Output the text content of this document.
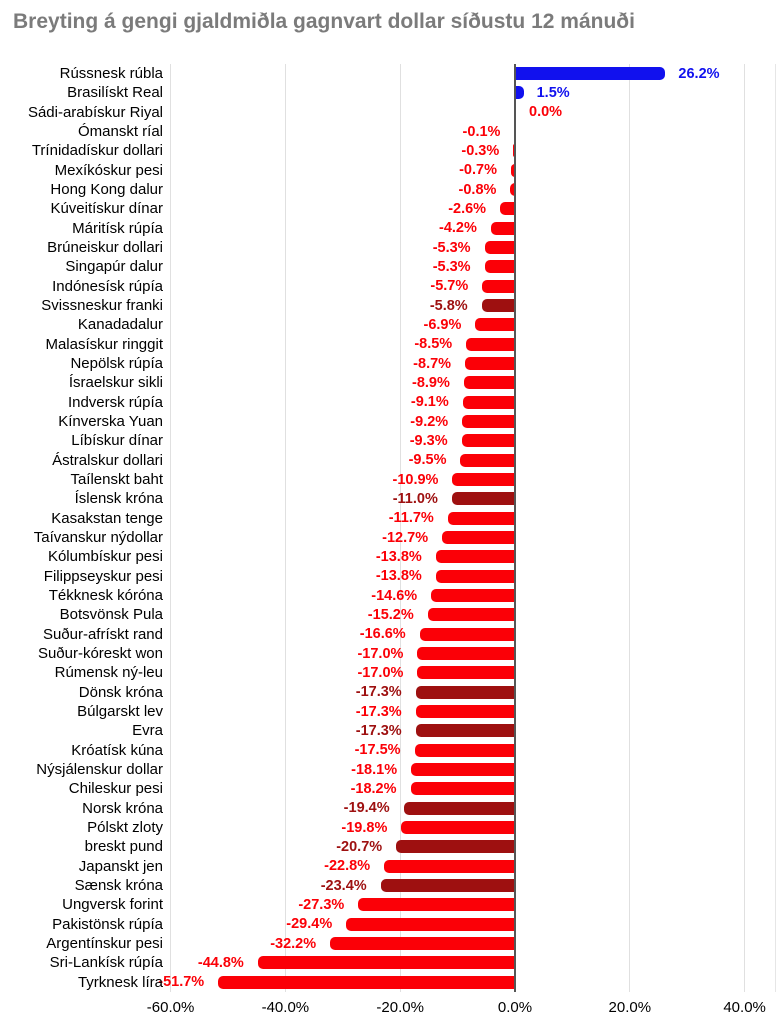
Breyting á gengi gjaldmiðla gagnvart dollar síðustu 12 mánuði
-60.0%	-40.0%	-20.0%	0.0%	20.0%	40.0%
26.2%
Rússnesk rúbla
1.5%
Brasilískt Real
0.0%
Sádi-arabískur Riyal
-0.1%
Ómanskt ríal
-0.3%
Trínidadískur dollari
-0.7%
Mexíkóskur pesi
-0.8%
Hong Kong dalur
-2.6%
Kúveitískur dínar
-4.2%
Máritísk rúpía
-5.3%
Brúneiskur dollari
-5.3%
Singapúr dalur
-5.7%
Indónesísk rúpía
-5.8%
Svissneskur franki
-6.9%
Kanadadalur
-8.5%
Malasískur ringgit
-8.7%
Nepölsk rúpía
-8.9%
Ísraelskur sikli
-9.1%
Indversk rúpía
-9.2%
Kínverska Yuan
-9.3%
Líbískur dínar
-9.5%
Ástralskur dollari
-10.9%
Taílenskt baht
-11.0%
Íslensk króna
-11.7%
Kasakstan tenge
-12.7%
Taívanskur nýdollar
-13.8%
Kólumbískur pesi
-13.8%
Filippseyskur pesi
-14.6%
Tékknesk kóróna
-15.2%
Botsvönsk Pula
-16.6%
Suður-afrískt rand
-17.0%
Suður-kóreskt won
-17.0%
Rúmensk ný-leu
-17.3%
Dönsk króna
-17.3%
Búlgarskt lev
-17.3%
Evra
-17.5%
Króatísk kúna
-18.1%
Nýsjálenskur dollar
-18.2%
Chileskur pesi
-19.4%
Norsk króna
-19.8%
Pólskt zloty
-20.7%
breskt pund
-22.8%
Japanskt jen
-23.4%
Sænsk króna
-27.3%
Ungversk forint
-29.4%
Pakistönsk rúpía
-32.2%
Argentínskur pesi
-44.8%
Sri-Lankísk rúpía
-51.7%
Tyrknesk líra
